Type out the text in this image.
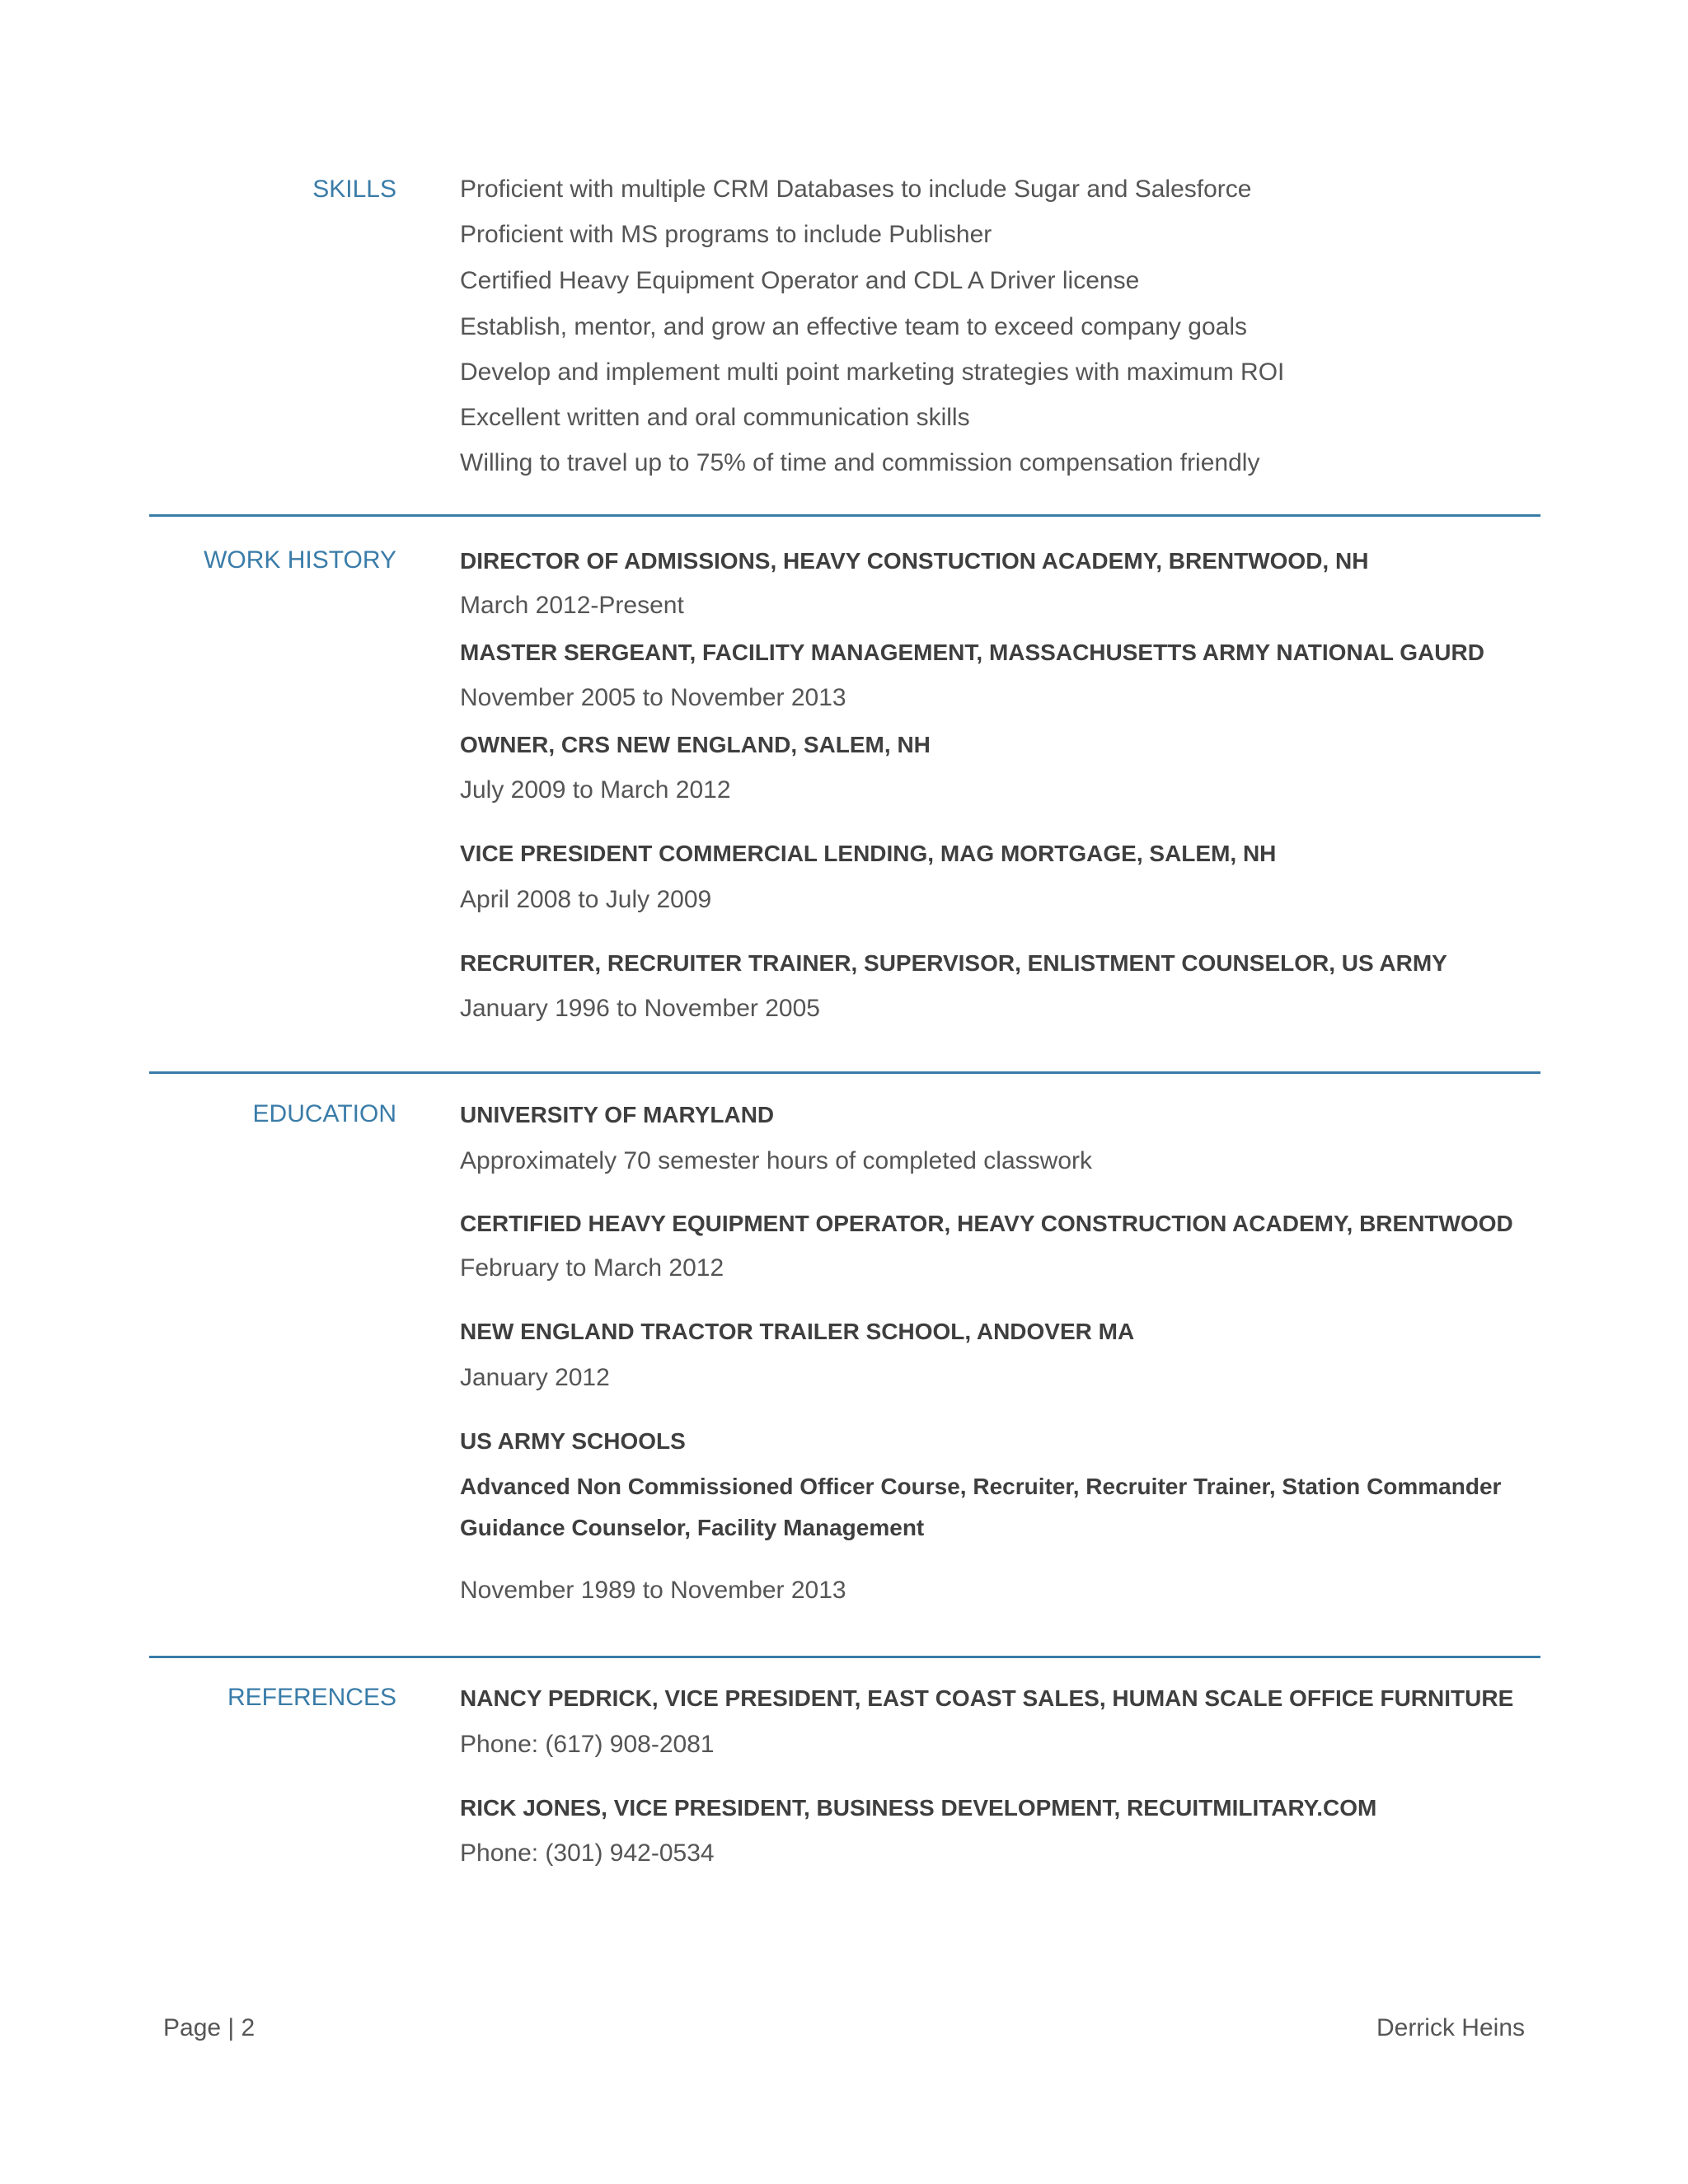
SKILLS	Proficient with multiple CRM Databases to include Sugar and Salesforce
Proficient with MS programs to include Publisher
Certified Heavy Equipment Operator and CDL A Driver license
Establish, mentor, and grow an effective team to exceed company goals
Develop and implement multi point marketing strategies with maximum ROI
Excellent written and oral communication skills
Willing to travel up to 75% of time and commission compensation friendly
WORK HISTORY	DIRECTOR OF ADMISSIONS, HEAVY CONSTUCTION ACADEMY, BRENTWOOD, NH
March 2012-Present
MASTER SERGEANT, FACILITY MANAGEMENT, MASSACHUSETTS ARMY NATIONAL GAURD
November 2005 to November 2013
OWNER, CRS NEW ENGLAND, SALEM, NH
July 2009 to March 2012
VICE PRESIDENT COMMERCIAL LENDING, MAG MORTGAGE, SALEM, NH
April 2008 to July 2009
RECRUITER, RECRUITER TRAINER, SUPERVISOR, ENLISTMENT COUNSELOR, US ARMY
January 1996 to November 2005
EDUCATION	UNIVERSITY OF MARYLAND
Approximately 70 semester hours of completed classwork
CERTIFIED HEAVY EQUIPMENT OPERATOR, HEAVY CONSTRUCTION ACADEMY, BRENTWOOD
February to March 2012
NEW ENGLAND TRACTOR TRAILER SCHOOL, ANDOVER MA
January 2012
US ARMY SCHOOLS
Advanced Non Commissioned Officer Course, Recruiter, Recruiter Trainer, Station Commander
Guidance Counselor, Facility Management
November 1989 to November 2013
REFERENCES	NANCY PEDRICK, VICE PRESIDENT, EAST COAST SALES, HUMAN SCALE OFFICE FURNITURE
Phone: (617) 908-2081
RICK JONES, VICE PRESIDENT, BUSINESS DEVELOPMENT, RECUITMILITARY.COM
Phone: (301) 942-0534
Page | 2	Derrick Heins
